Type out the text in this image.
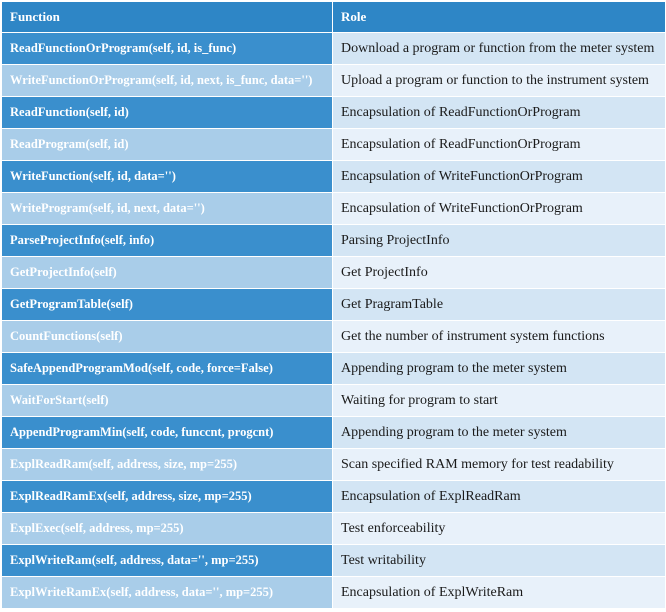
Function	Role
ReadFunctionOrProgram(self, id, is_func)	Download a program or function from the meter system
WriteFunctionOrProgram(self, id, next, is_func, data='')	Upload a program or function to the instrument system
ReadFunction(self, id)	Encapsulation of ReadFunctionOrProgram
ReadProgram(self, id)	Encapsulation of ReadFunctionOrProgram
WriteFunction(self, id, data='')	Encapsulation of WriteFunctionOrProgram
WriteProgram(self, id, next, data='')	Encapsulation of WriteFunctionOrProgram
ParseProjectInfo(self, info)	Parsing ProjectInfo
GetProjectInfo(self)	Get ProjectInfo
GetProgramTable(self)	Get PragramTable
CountFunctions(self)	Get the number of instrument system functions
SafeAppendProgramMod(self, code, force=False)	Appending program to the meter system
WaitForStart(self)	Waiting for program to start
AppendProgramMin(self, code, funccnt, progcnt)	Appending program to the meter system
ExplReadRam(self, address, size, mp=255)	Scan specified RAM memory for test readability
ExplReadRamEx(self, address, size, mp=255)	Encapsulation of ExplReadRam
ExplExec(self, address, mp=255)	Test enforceability
ExplWriteRam(self, address, data='', mp=255)	Test writability
ExplWriteRamEx(self, address, data='', mp=255)	Encapsulation of ExplWriteRam
